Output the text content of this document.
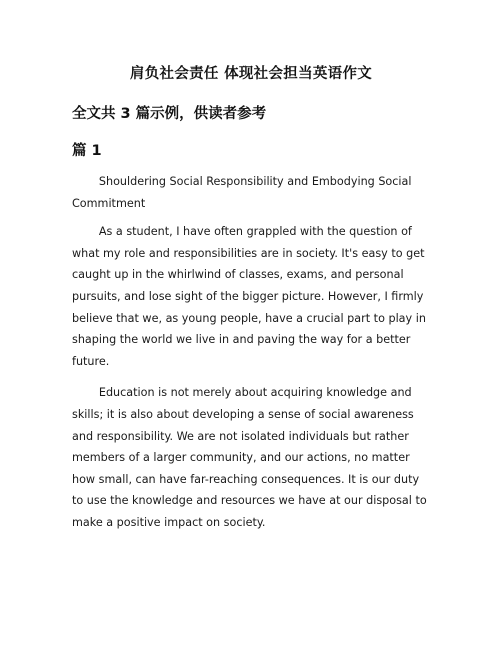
肩负社会责任 体现社会担当英语作文
全文共 3 篇示例，供读者参考
篇 1

Shouldering Social Responsibility and Embodying Social Commitment

As a student, I have often grappled with the question of what my role and responsibilities are in society. It's easy to get caught up in the whirlwind of classes, exams, and personal pursuits, and lose sight of the bigger picture. However, I firmly believe that we, as young people, have a crucial part to play in shaping the world we live in and paving the way for a better future.

Education is not merely about acquiring knowledge and skills; it is also about developing a sense of social awareness and responsibility. We are not isolated individuals but rather members of a larger community, and our actions, no matter how small, can have far-reaching consequences. It is our duty to use the knowledge and resources we have at our disposal to make a positive impact on society.
